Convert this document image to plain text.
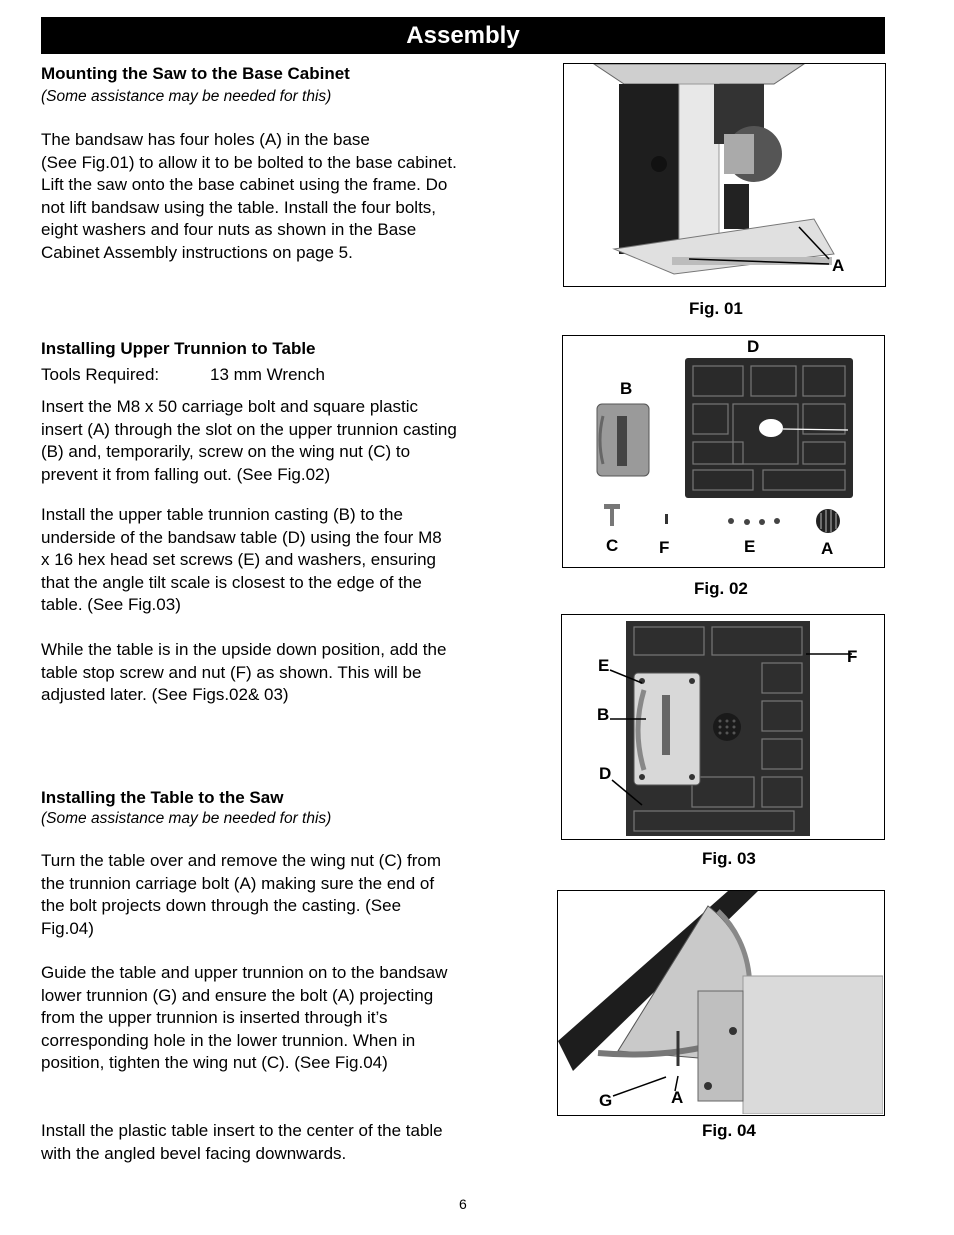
Assembly
Mounting the Saw to the Base Cabinet
(Some assistance may be needed for this)
The bandsaw has four holes (A) in the base
(See Fig.01) to allow it to be bolted to the base cabinet. Lift the saw onto the base cabinet using the frame. Do not lift bandsaw using the table. Install the four bolts, eight washers and four nuts as shown in the Base Cabinet Assembly instructions on page 5.
Installing Upper Trunnion to Table
Tools Required:	13 mm Wrench
Insert the M8 x 50 carriage bolt and square plastic insert (A) through the slot on the upper trunnion casting (B) and, temporarily, screw on the wing nut (C) to prevent it from falling out. (See Fig.02)
Install the upper table trunnion casting (B) to the underside of the bandsaw table (D) using the four M8 x 16 hex head set screws (E) and washers, ensuring that the angle tilt scale is closest to the edge of the table. (See Fig.03)
While the table is in the upside down position, add the table stop screw and nut (F) as shown. This will be adjusted later. (See Figs.02& 03)
Installing the Table to the Saw
(Some assistance may be needed for this)
Turn the table over and remove the wing nut (C) from the trunnion carriage bolt (A) making sure the end of the bolt projects down through the casting. (See Fig.04)
Guide the table and upper trunnion on to the bandsaw lower trunnion (G) and ensure the bolt (A) projecting from the upper trunnion is inserted through it’s corresponding hole in the lower trunnion. When in position, tighten the wing nut (C). (See Fig.04)
Install the plastic table insert to the center of the table with the angled bevel facing downwards.
A
Fig. 01
D
B
C F	E	A
Fig. 02
E
B
D
F
Fig. 03
G	A
Fig. 04
6
